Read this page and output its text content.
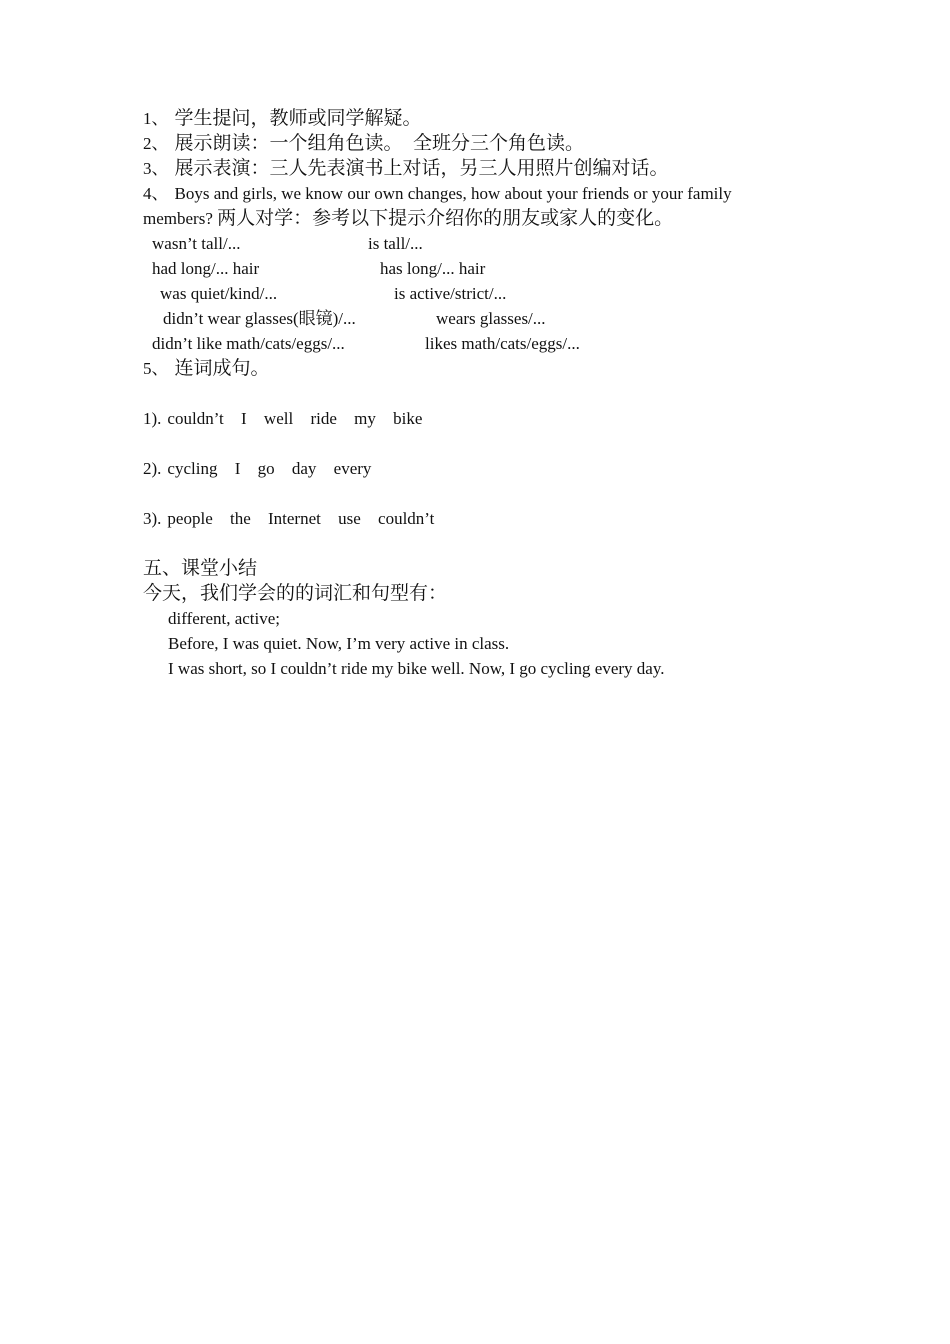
1、 学生提问，教师或同学解疑。

2、 展示朗读：一个组角色读。  全班分三个角色读。

3、 展示表演：三人先表演书上对话，另三人用照片创编对话。

4、 Boys and girls, we know our own changes, how about your friends or your family

members? 两人对学：参考以下提示介绍你的朋友或家人的变化。

wasn’t tall/...	is tall/...
had long/... hair	has long/... hair
was quiet/kind/...	is active/strict/...
didn’t wear glasses(眼镜)/...	wears glasses/...
didn’t like math/cats/eggs/...	likes math/cats/eggs/...

5、 连词成句。

1). couldn’t I well ride my bike

2). cycling I go day every

3). people the Internet use couldn’t

五、课堂小结

今天，我们学会的的词汇和句型有：

different, active;

Before, I was quiet. Now, I’m very active in class.

I was short, so I couldn’t ride my bike well. Now, I go cycling every day.
